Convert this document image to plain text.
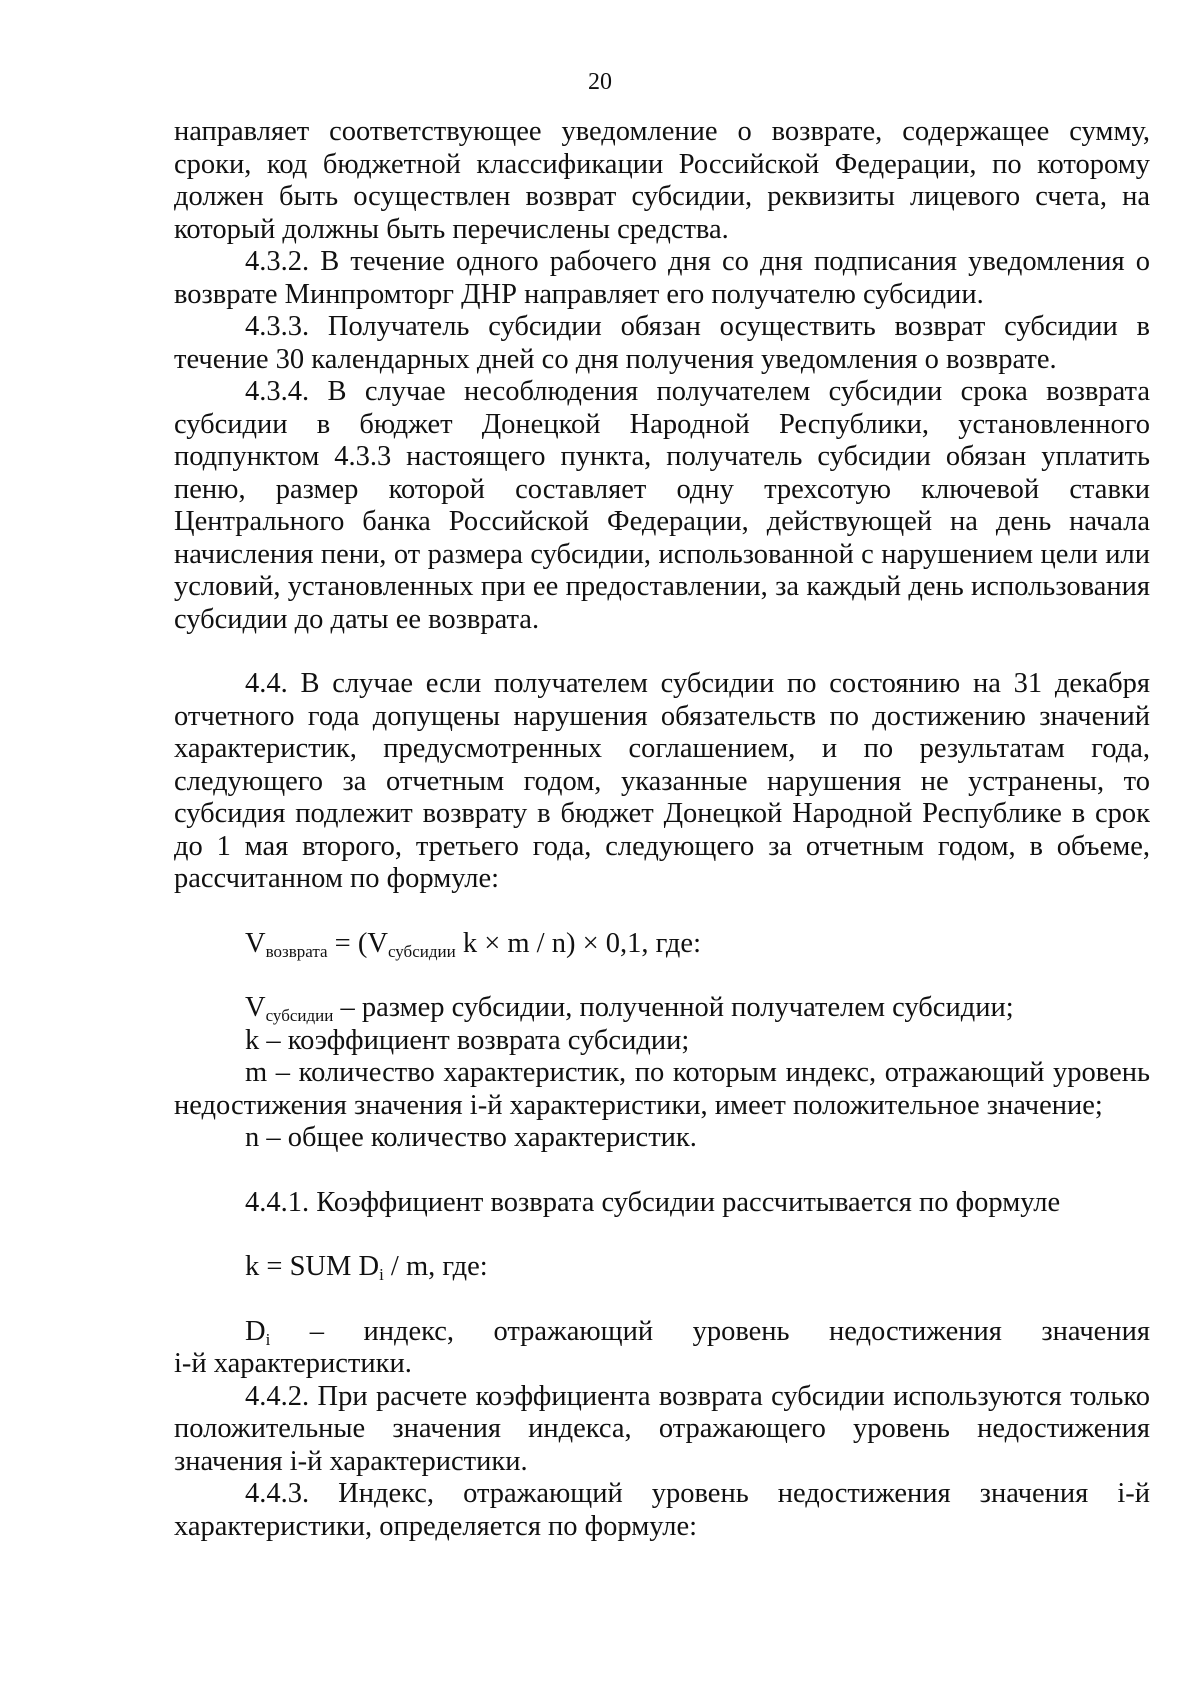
20

направляет соответствующее уведомление о возврате, содержащее сумму, сроки, код бюджетной классификации Российской Федерации, по которому должен быть осуществлен возврат субсидии, реквизиты лицевого счета, на который должны быть перечислены средства.

4.3.2. В течение одного рабочего дня со дня подписания уведомления о возврате Минпромторг ДНР направляет его получателю субсидии.

4.3.3. Получатель субсидии обязан осуществить возврат субсидии в течение 30 календарных дней со дня получения уведомления о возврате.

4.3.4. В случае несоблюдения получателем субсидии срока возврата субсидии в бюджет Донецкой Народной Республики, установленного подпунктом 4.3.3 настоящего пункта, получатель субсидии обязан уплатить пеню, размер которой составляет одну трехсотую ключевой ставки Центрального банка Российской Федерации, действующей на день начала начисления пени, от размера субсидии, использованной с нарушением цели или условий, установленных при ее предоставлении, за каждый день использования субсидии до даты ее возврата.

4.4. В случае если получателем субсидии по состоянию на 31 декабря отчетного года допущены нарушения обязательств по достижению значений характеристик, предусмотренных соглашением, и по результатам года, следующего за отчетным годом, указанные нарушения не устранены, то субсидия подлежит возврату в бюджет Донецкой Народной Республике в срок до 1 мая второго, третьего года, следующего за отчетным годом, в объеме, рассчитанном по формуле:

$V_{возврата} = (V_{субсидии}$ k × m / n) × 0,1, где:

$V_{субсидии}$ – размер субсидии, полученной получателем субсидии;

k – коэффициент возврата субсидии;

m – количество характеристик, по которым индекс, отражающий уровень недостижения значения i-й характеристики, имеет положительное значение;

n – общее количество характеристик.

4.4.1. Коэффициент возврата субсидии рассчитывается по формуле

k = SUM $D_i$ / m, где:

$D_i$ – индекс, отражающий уровень недостижения значения

i-й характеристики.

4.4.2. При расчете коэффициента возврата субсидии используются только положительные значения индекса, отражающего уровень недостижения значения i-й характеристики.

4.4.3. Индекс, отражающий уровень недостижения значения i-й характеристики, определяется по формуле:
